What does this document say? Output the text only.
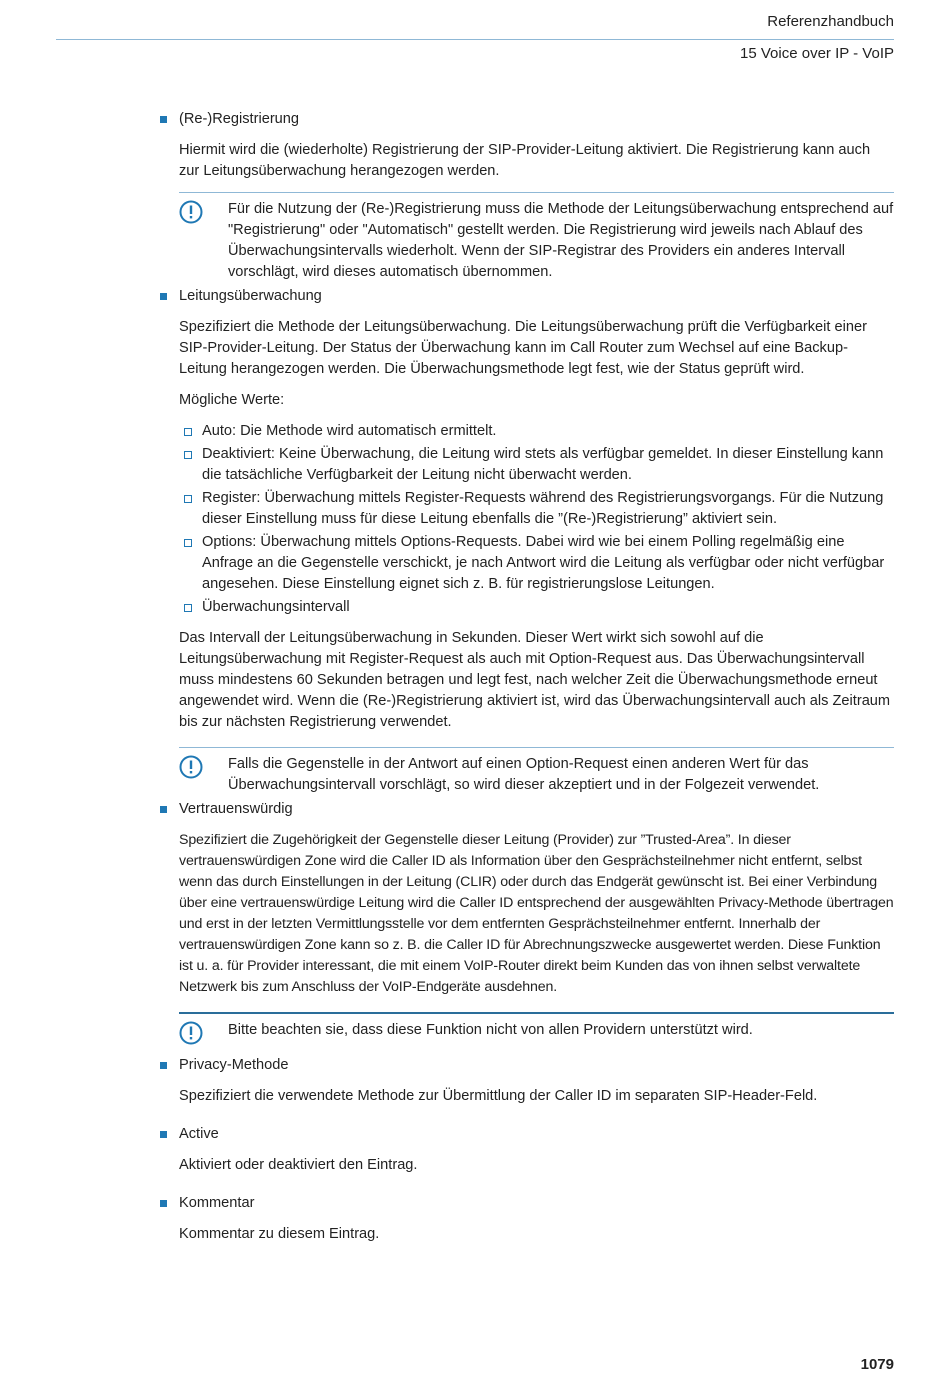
Referenzhandbuch
15 Voice over IP - VoIP
(Re-)Registrierung
Hiermit wird die (wiederholte) Registrierung der SIP-Provider-Leitung aktiviert. Die Registrierung kann auch zur Leitungsüberwachung herangezogen werden.
Für die Nutzung der (Re-)Registrierung muss die Methode der Leitungsüberwachung entsprechend auf "Registrierung" oder "Automatisch" gestellt werden. Die Registrierung wird jeweils nach Ablauf des Überwachungsintervalls wiederholt. Wenn der SIP-Registrar des Providers ein anderes Intervall vorschlägt, wird dieses automatisch übernommen.
Leitungsüberwachung
Spezifiziert die Methode der Leitungsüberwachung. Die Leitungsüberwachung prüft die Verfügbarkeit einer SIP-Provider-Leitung. Der Status der Überwachung kann im Call Router zum Wechsel auf eine Backup-Leitung herangezogen werden. Die Überwachungsmethode legt fest, wie der Status geprüft wird.
Mögliche Werte:
Auto: Die Methode wird automatisch ermittelt.
Deaktiviert: Keine Überwachung, die Leitung wird stets als verfügbar gemeldet. In dieser Einstellung kann die tatsächliche Verfügbarkeit der Leitung nicht überwacht werden.
Register: Überwachung mittels Register-Requests während des Registrierungsvorgangs. Für die Nutzung dieser Einstellung muss für diese Leitung ebenfalls die ”(Re-)Registrierung” aktiviert sein.
Options: Überwachung mittels Options-Requests. Dabei wird wie bei einem Polling regelmäßig eine Anfrage an die Gegenstelle verschickt, je nach Antwort wird die Leitung als verfügbar oder nicht verfügbar angesehen. Diese Einstellung eignet sich z. B. für registrierungslose Leitungen.
Überwachungsintervall
Das Intervall der Leitungsüberwachung in Sekunden. Dieser Wert wirkt sich sowohl auf die Leitungsüberwachung mit Register-Request als auch mit Option-Request aus. Das Überwachungsintervall muss mindestens 60 Sekunden betragen und legt fest, nach welcher Zeit die Überwachungsmethode erneut angewendet wird. Wenn die (Re-)Registrierung aktiviert ist, wird das Überwachungsintervall auch als Zeitraum bis zur nächsten Registrierung verwendet.
Falls die Gegenstelle in der Antwort auf einen Option-Request einen anderen Wert für das Überwachungsintervall vorschlägt, so wird dieser akzeptiert und in der Folgezeit verwendet.
Vertrauenswürdig
Spezifiziert die Zugehörigkeit der Gegenstelle dieser Leitung (Provider) zur ”Trusted-Area”. In dieser vertrauenswürdigen Zone wird die Caller ID als Information über den Gesprächsteilnehmer nicht entfernt, selbst wenn das durch Einstellungen in der Leitung (CLIR) oder durch das Endgerät gewünscht ist. Bei einer Verbindung über eine vertrauenswürdige Leitung wird die Caller ID entsprechend der ausgewählten Privacy-Methode übertragen und erst in der letzten Vermittlungsstelle vor dem entfernten Gesprächsteilnehmer entfernt. Innerhalb der vertrauenswürdigen Zone kann so z. B. die Caller ID für Abrechnungszwecke ausgewertet werden. Diese Funktion ist u. a. für Provider interessant, die mit einem VoIP-Router direkt beim Kunden das von ihnen selbst verwaltete Netzwerk bis zum Anschluss der VoIP-Endgeräte ausdehnen.
Bitte beachten sie, dass diese Funktion nicht von allen Providern unterstützt wird.
Privacy-Methode
Spezifiziert die verwendete Methode zur Übermittlung der Caller ID im separaten SIP-Header-Feld.
Active
Aktiviert oder deaktiviert den Eintrag.
Kommentar
Kommentar zu diesem Eintrag.
1079
